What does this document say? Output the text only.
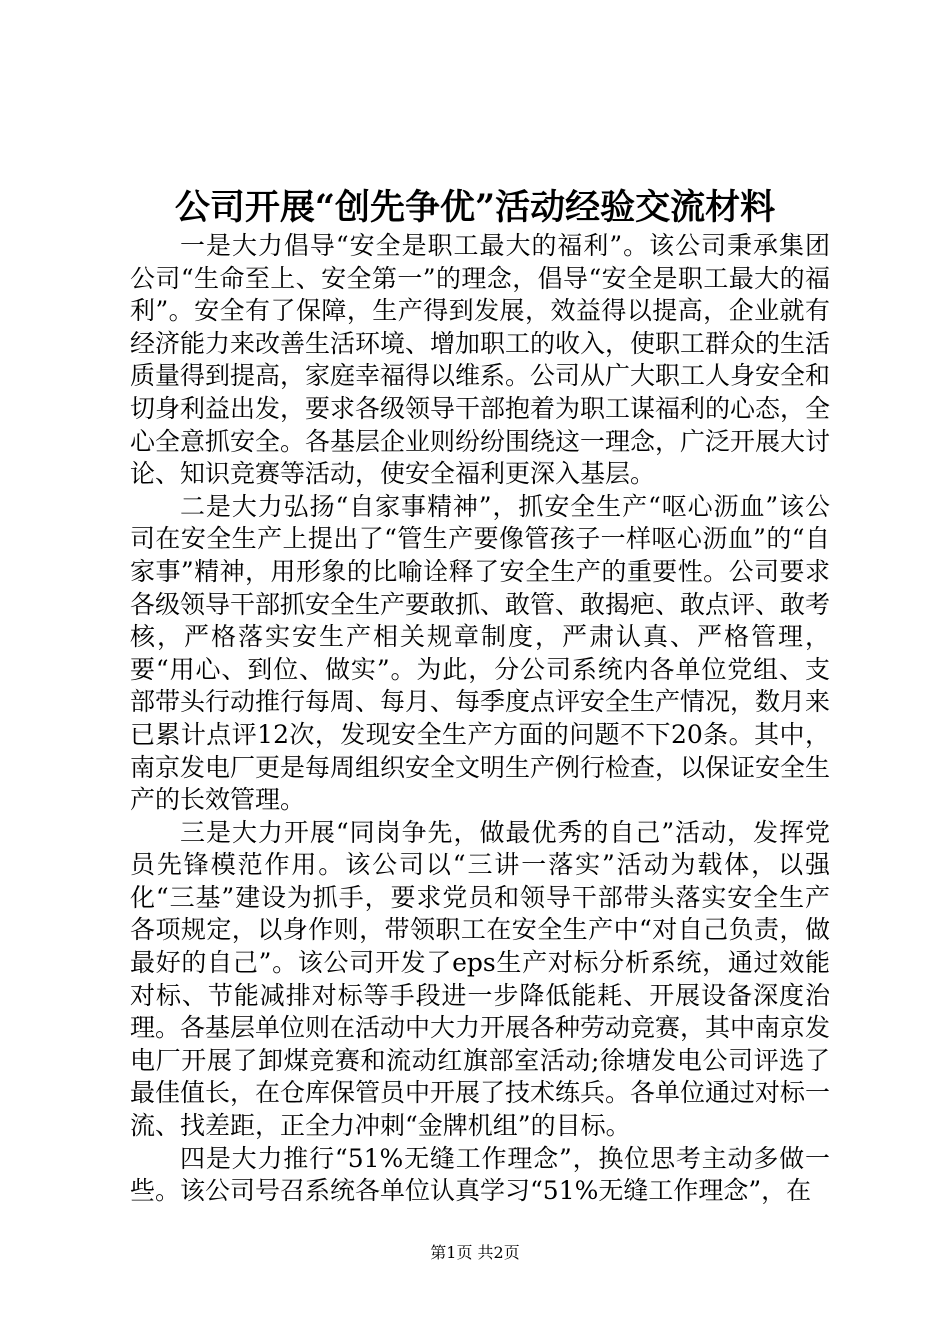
公司开展“创先争优”活动经验交流材料

一是大力倡导“安全是职工最大的福利”。该公司秉承集团公司“生命至上、安全第一”的理念，倡导“安全是职工最大的福利”。安全有了保障，生产得到发展，效益得以提高，企业就有经济能力来改善生活环境、增加职工的收入，使职工群众的生活质量得到提高，家庭幸福得以维系。公司从广大职工人身安全和切身利益出发，要求各级领导干部抱着为职工谋福利的心态，全心全意抓安全。各基层企业则纷纷围绕这一理念，广泛开展大讨论、知识竞赛等活动，使安全福利更深入基层。

二是大力弘扬“自家事精神”，抓安全生产“呕心沥血”该公司在安全生产上提出了“管生产要像管孩子一样呕心沥血”的“自家事”精神，用形象的比喻诠释了安全生产的重要性。公司要求各级领导干部抓安全生产要敢抓、敢管、敢揭疤、敢点评、敢考核，严格落实安生产相关规章制度，严肃认真、严格管理，要“用心、到位、做实”。为此，分公司系统内各单位党组、支部带头行动推行每周、每月、每季度点评安全生产情况，数月来已累计点评12次，发现安全生产方面的问题不下20条。其中，南京发电厂更是每周组织安全文明生产例行检查，以保证安全生产的长效管理。

三是大力开展“同岗争先，做最优秀的自己”活动，发挥党员先锋模范作用。该公司以“三讲一落实”活动为载体，以强化“三基”建设为抓手，要求党员和领导干部带头落实安全生产各项规定，以身作则，带领职工在安全生产中“对自己负责，做最好的自己”。该公司开发了eps生产对标分析系统，通过效能对标、节能减排对标等手段进一步降低能耗、开展设备深度治理。各基层单位则在活动中大力开展各种劳动竞赛，其中南京发电厂开展了卸煤竞赛和流动红旗部室活动;徐塘发电公司评选了最佳值长，在仓库保管员中开展了技术练兵。各单位通过对标一流、找差距，正全力冲刺“金牌机组”的目标。

四是大力推行“51%无缝工作理念”，换位思考主动多做一些。该公司号召系统各单位认真学习“51%无缝工作理念”，在

第1页 共2页
